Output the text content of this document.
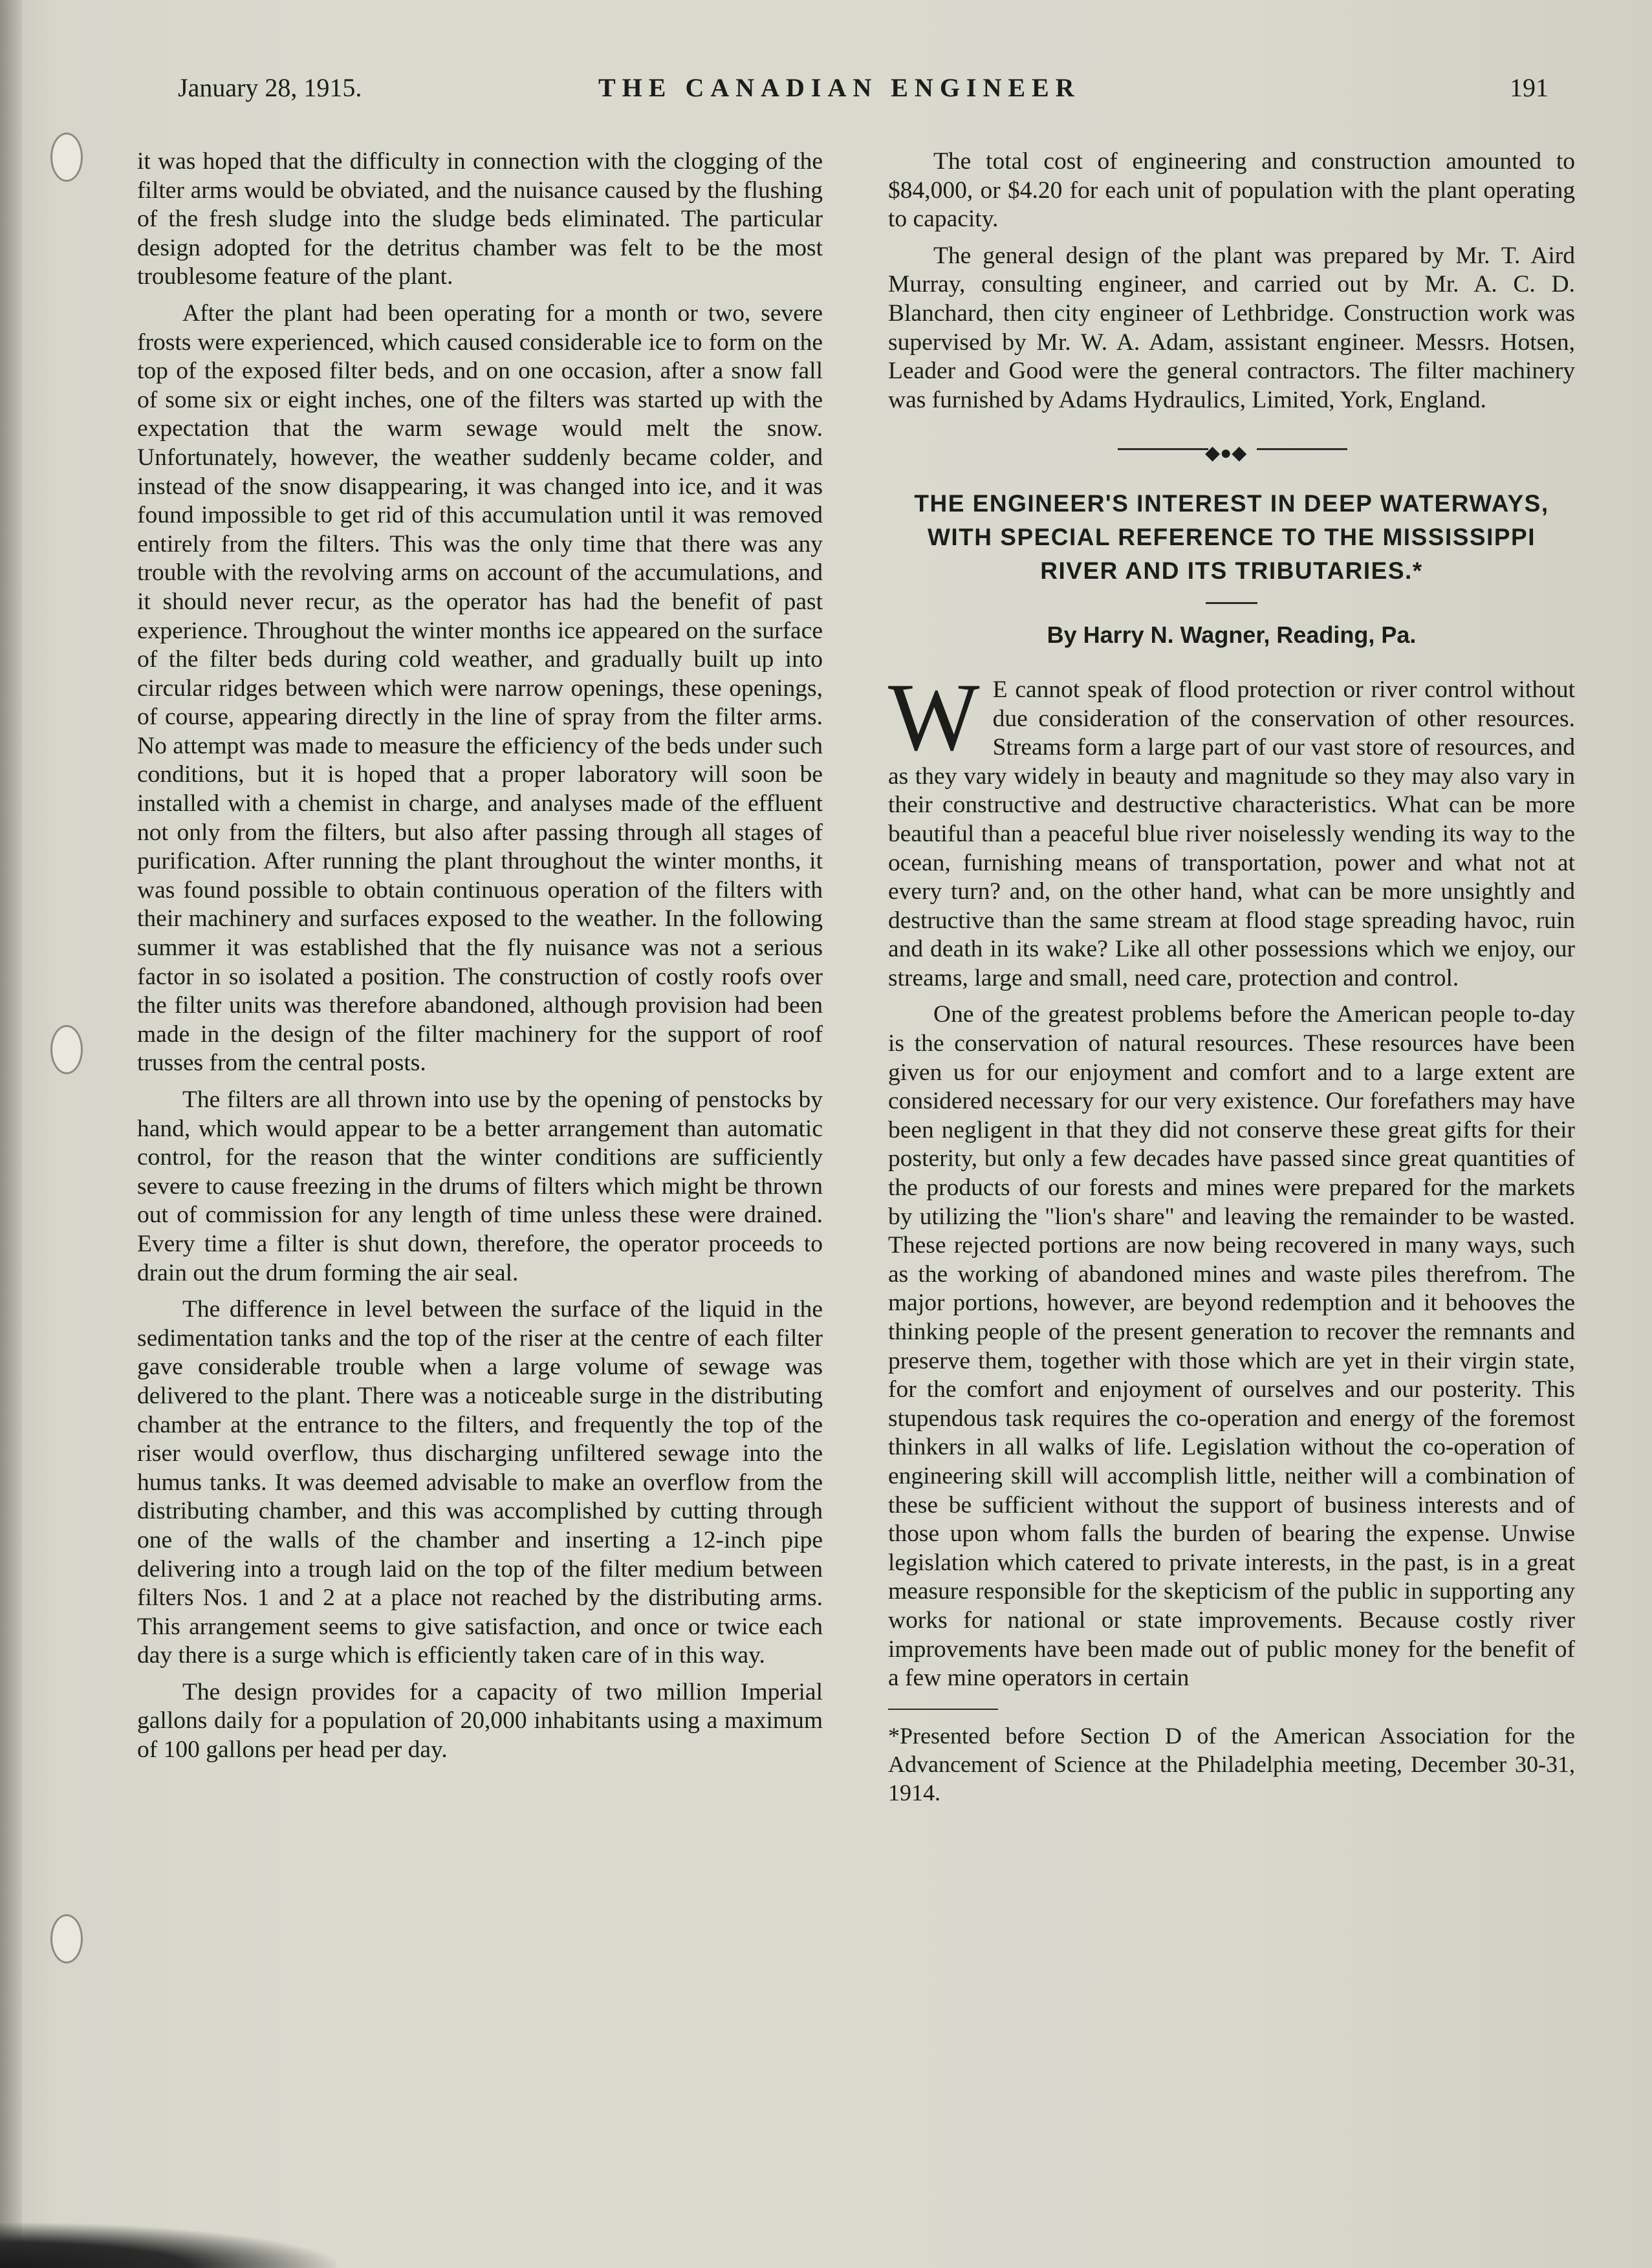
January 28, 1915.	THE CANADIAN ENGINEER	191

it was hoped that the difficulty in connection with the clogging of the filter arms would be obviated, and the nuisance caused by the flushing of the fresh sludge into the sludge beds eliminated. The particular design adopted for the detritus chamber was felt to be the most troublesome feature of the plant.

After the plant had been operating for a month or two, severe frosts were experienced, which caused considerable ice to form on the top of the exposed filter beds, and on one occasion, after a snow fall of some six or eight inches, one of the filters was started up with the expectation that the warm sewage would melt the snow. Unfortunately, however, the weather suddenly became colder, and instead of the snow disappearing, it was changed into ice, and it was found impossible to get rid of this accumulation until it was removed entirely from the filters. This was the only time that there was any trouble with the revolving arms on account of the accumulations, and it should never recur, as the operator has had the benefit of past experience. Throughout the winter months ice appeared on the surface of the filter beds during cold weather, and gradually built up into circular ridges between which were narrow openings, these openings, of course, appearing directly in the line of spray from the filter arms. No attempt was made to measure the efficiency of the beds under such conditions, but it is hoped that a proper laboratory will soon be installed with a chemist in charge, and analyses made of the effluent not only from the filters, but also after passing through all stages of purification. After running the plant throughout the winter months, it was found possible to obtain continuous operation of the filters with their machinery and surfaces exposed to the weather. In the following summer it was established that the fly nuisance was not a serious factor in so isolated a position. The construction of costly roofs over the filter units was therefore abandoned, although provision had been made in the design of the filter machinery for the support of roof trusses from the central posts.

The filters are all thrown into use by the opening of penstocks by hand, which would appear to be a better arrangement than automatic control, for the reason that the winter conditions are sufficiently severe to cause freezing in the drums of filters which might be thrown out of commission for any length of time unless these were drained. Every time a filter is shut down, therefore, the operator proceeds to drain out the drum forming the air seal.

The difference in level between the surface of the liquid in the sedimentation tanks and the top of the riser at the centre of each filter gave considerable trouble when a large volume of sewage was delivered to the plant. There was a noticeable surge in the distributing chamber at the entrance to the filters, and frequently the top of the riser would overflow, thus discharging unfiltered sewage into the humus tanks. It was deemed advisable to make an overflow from the distributing chamber, and this was accomplished by cutting through one of the walls of the chamber and inserting a 12-inch pipe delivering into a trough laid on the top of the filter medium between filters Nos. 1 and 2 at a place not reached by the distributing arms. This arrangement seems to give satisfaction, and once or twice each day there is a surge which is efficiently taken care of in this way.

The design provides for a capacity of two million Imperial gallons daily for a population of 20,000 inhabitants using a maximum of 100 gallons per head per day.

The total cost of engineering and construction amounted to $84,000, or $4.20 for each unit of population with the plant operating to capacity.

The general design of the plant was prepared by Mr. T. Aird Murray, consulting engineer, and carried out by Mr. A. C. D. Blanchard, then city engineer of Lethbridge. Construction work was supervised by Mr. W. A. Adam, assistant engineer. Messrs. Hotsen, Leader and Good were the general contractors. The filter machinery was furnished by Adams Hydraulics, Limited, York, England.

◆●◆
THE ENGINEER'S INTEREST IN DEEP WATERWAYS, WITH SPECIAL REFERENCE TO THE MISSISSIPPI RIVER AND ITS TRIBUTARIES.*
By Harry N. Wagner, Reading, Pa.

W E cannot speak of flood protection or river control without due consideration of the conservation of other resources. Streams form a large part of our vast store of resources, and as they vary widely in beauty and magnitude so they may also vary in their constructive and destructive characteristics. What can be more beautiful than a peaceful blue river noiselessly wending its way to the ocean, furnishing means of transportation, power and what not at every turn? and, on the other hand, what can be more unsightly and destructive than the same stream at flood stage spreading havoc, ruin and death in its wake? Like all other possessions which we enjoy, our streams, large and small, need care, protection and control.

One of the greatest problems before the American people to-day is the conservation of natural resources. These resources have been given us for our enjoyment and comfort and to a large extent are considered necessary for our very existence. Our forefathers may have been negligent in that they did not conserve these great gifts for their posterity, but only a few decades have passed since great quantities of the products of our forests and mines were prepared for the markets by utilizing the "lion's share" and leaving the remainder to be wasted. These rejected portions are now being recovered in many ways, such as the working of abandoned mines and waste piles therefrom. The major portions, however, are beyond redemption and it behooves the thinking people of the present generation to recover the remnants and preserve them, together with those which are yet in their virgin state, for the comfort and enjoyment of ourselves and our posterity. This stupendous task requires the co-operation and energy of the foremost thinkers in all walks of life. Legislation without the co-operation of engineering skill will accomplish little, neither will a combination of these be sufficient without the support of business interests and of those upon whom falls the burden of bearing the expense. Unwise legislation which catered to private interests, in the past, is in a great measure responsible for the skepticism of the public in supporting any works for national or state improvements. Because costly river improvements have been made out of public money for the benefit of a few mine operators in certain

*Presented before Section D of the American Association for the Advancement of Science at the Philadelphia meeting, December 30-31, 1914.
